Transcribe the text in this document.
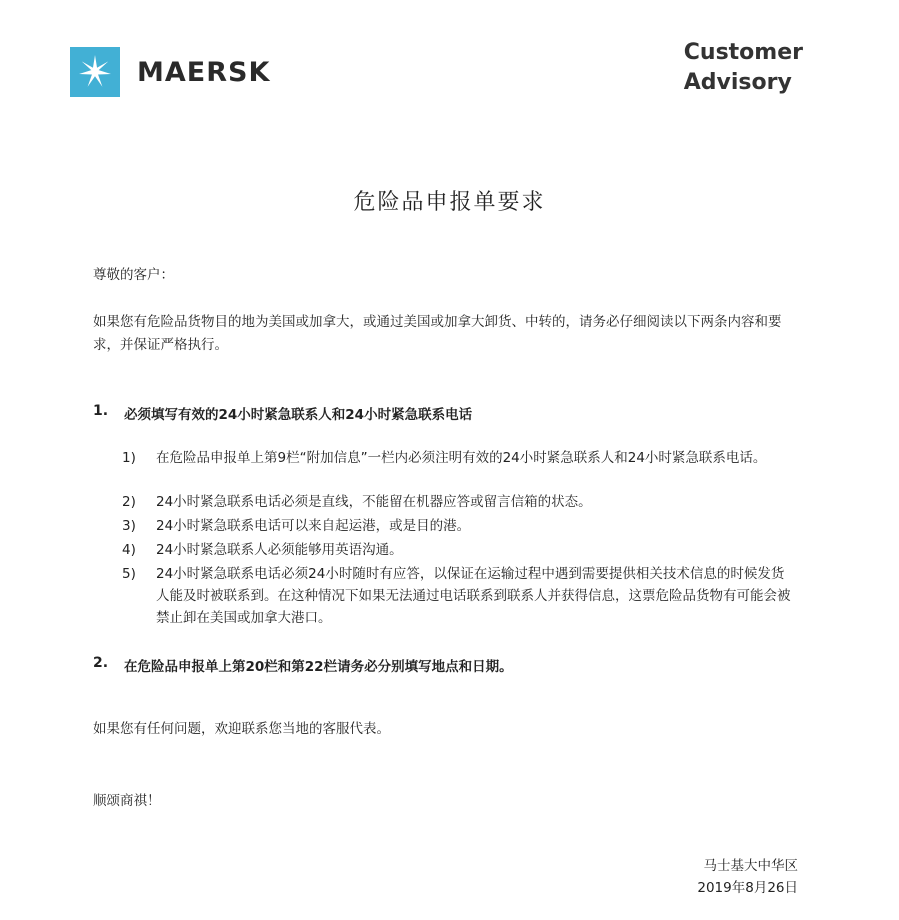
MAERSK
Customer
Advisory
危险品申报单要求
尊敬的客户：
如果您有危险品货物目的地为美国或加拿大，或通过美国或加拿大卸货、中转的，请务必仔细阅读以下两条内容和要求，并保证严格执行。
1. 必须填写有效的24小时紧急联系人和24小时紧急联系电话
1)	在危险品申报单上第9栏“附加信息”一栏内必须注明有效的24小时紧急联系人和24小时紧急联系电话。
2)	24小时紧急联系电话必须是直线，不能留在机器应答或留言信箱的状态。
3)	24小时紧急联系电话可以来自起运港，或是目的港。
4)	24小时紧急联系人必须能够用英语沟通。
5)	24小时紧急联系电话必须24小时随时有应答，以保证在运输过程中遇到需要提供相关技术信息的时候发货人能及时被联系到。在这种情况下如果无法通过电话联系到联系人并获得信息，这票危险品货物有可能会被禁止卸在美国或加拿大港口。
2. 在危险品申报单上第20栏和第22栏请务必分别填写地点和日期。
如果您有任何问题，欢迎联系您当地的客服代表。
顺颂商祺！
马士基大中华区
2019年8月26日
